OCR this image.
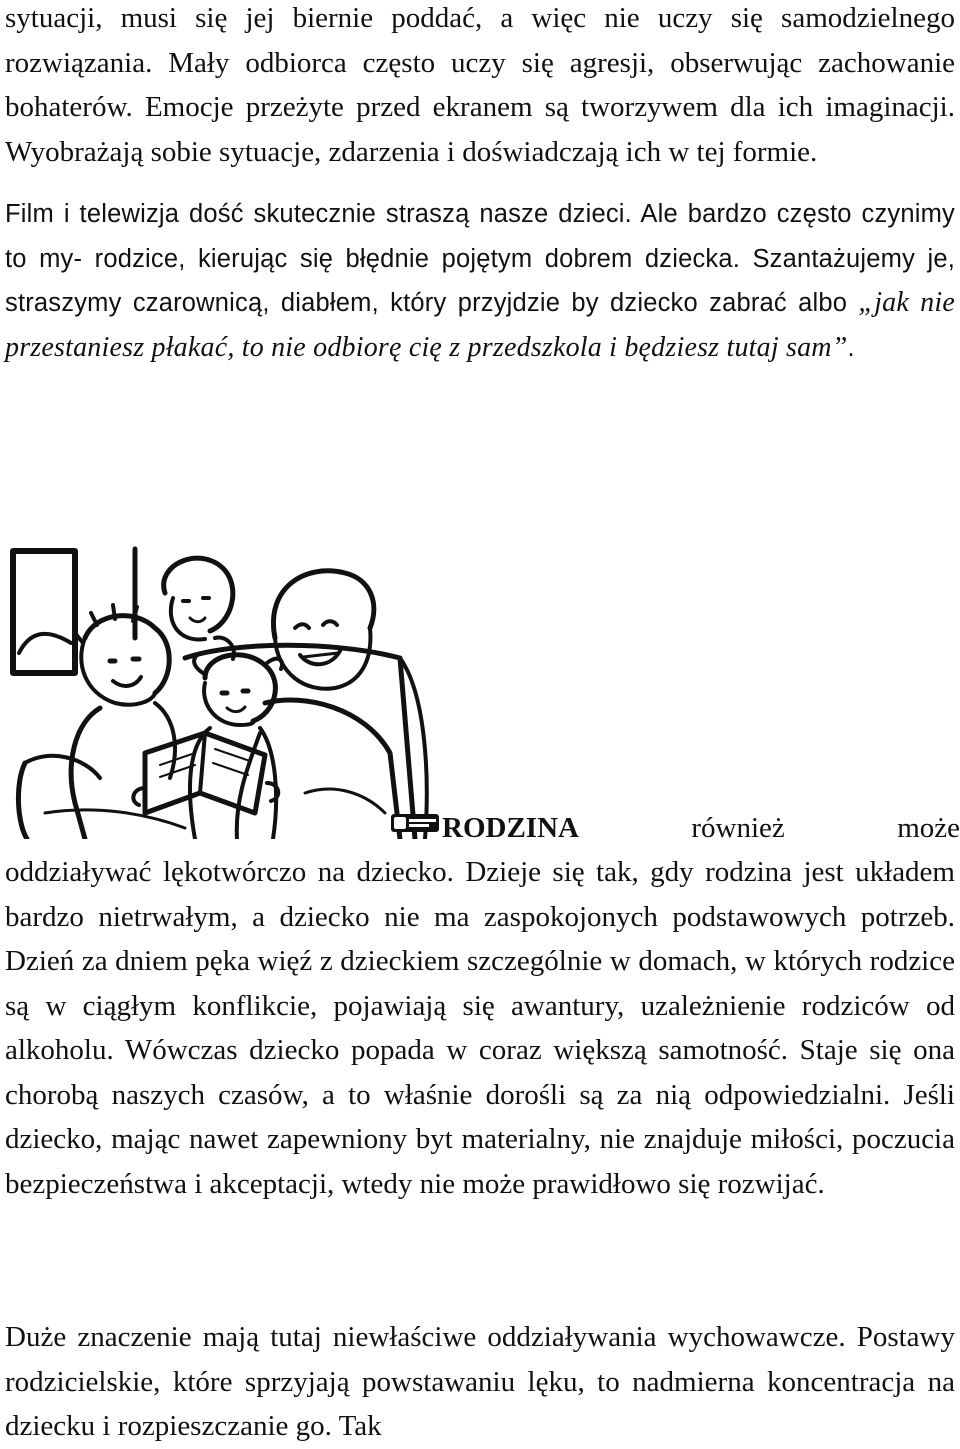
sytuacji, musi się jej biernie poddać, a więc nie uczy się samodzielnego rozwiązania. Mały odbiorca często uczy się agresji, obserwując zachowanie bohaterów. Emocje przeżyte przed ekranem są tworzywem dla ich imaginacji. Wyobrażają sobie sytuacje, zdarzenia i doświadczają ich w tej formie.

Film i telewizja dość skutecznie straszą nasze dzieci. Ale bardzo często czynimy to my- rodzice, kierując się błędnie pojętym dobrem dziecka. Szantażujemy je, straszymy czarownicą, diabłem, który przyjdzie by dziecko zabrać albo „jak nie przestaniesz płakać, to nie odbiorę cię z przedszkola i będziesz tutaj sam”.

RODZINA	również	może

oddziaływać lękotwórczo na dziecko. Dzieje się tak, gdy rodzina jest układem bardzo nietrwałym, a dziecko nie ma zaspokojonych podstawowych potrzeb. Dzień za dniem pęka więź z dzieckiem szczególnie w domach, w których rodzice są w ciągłym konflikcie, pojawiają się awantury, uzależnienie rodziców od alkoholu. Wówczas dziecko popada w coraz większą samotność. Staje się ona chorobą naszych czasów, a to właśnie dorośli są za nią odpowiedzialni. Jeśli dziecko, mając nawet zapewniony byt materialny, nie znajduje miłości, poczucia bezpieczeństwa i akceptacji, wtedy nie może prawidłowo się rozwijać.

Duże znaczenie mają tutaj niewłaściwe oddziaływania wychowawcze. Postawy rodzicielskie, które sprzyjają powstawaniu lęku, to nadmierna koncentracja na dziecku i rozpieszczanie go. Tak
